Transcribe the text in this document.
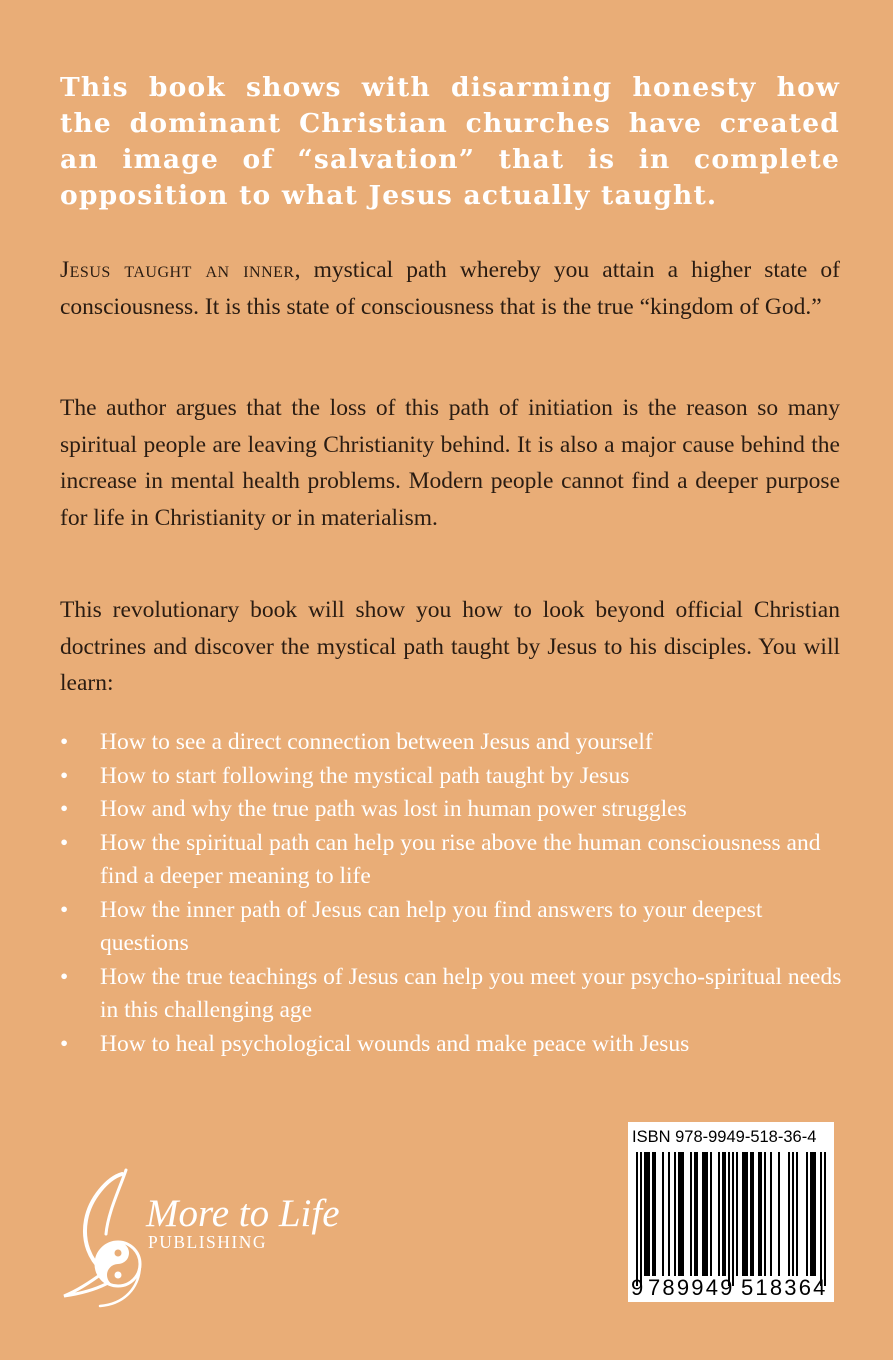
This book shows with disarming honesty how the dominant Christian churches have created an image of “salvation” that is in complete opposition to what Jesus actually taught.

Jesus taught an inner, mystical path whereby you attain a higher state of consciousness. It is this state of consciousness that is the true “kingdom of God.”

The author argues that the loss of this path of initiation is the reason so many spiritual people are leaving Christianity behind. It is also a major cause behind the increase in mental health problems. Modern people cannot find a deeper purpose for life in Christianity or in materialism.

This revolutionary book will show you how to look beyond official Christian doctrines and discover the mystical path taught by Jesus to his disciples. You will learn:

•	How to see a direct connection between Jesus and yourself
•	How to start following the mystical path taught by Jesus
•	How and why the true path was lost in human power struggles
•	How the spiritual path can help you rise above the human consciousness and find a deeper meaning to life
•	How the inner path of Jesus can help you find answers to your deepest questions
•	How the true teachings of Jesus can help you meet your psycho-spiritual needs in this challenging age
•	How to heal psychological wounds and make peace with Jesus
More to Life
PUBLISHING
ISBN 978-9949-518-36-4
9 789949 518364
